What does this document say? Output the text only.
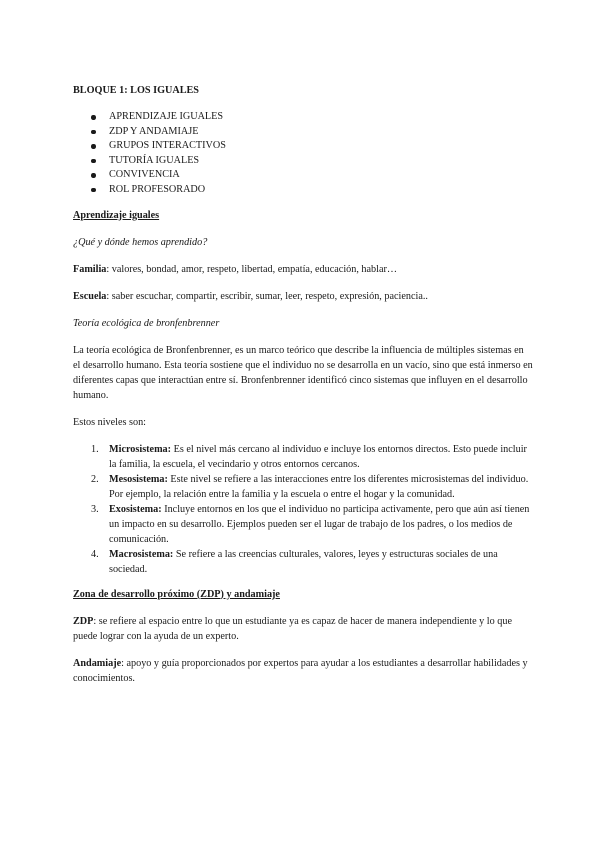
BLOQUE 1: LOS IGUALES
APRENDIZAJE IGUALES
ZDP Y ANDAMIAJE
GRUPOS INTERACTIVOS
TUTORÍA IGUALES
CONVIVENCIA
ROL PROFESORADO
Aprendizaje iguales
¿Qué y dónde hemos aprendido?

Familia: valores, bondad, amor, respeto, libertad, empatía, educación, hablar…

Escuela: saber escuchar, compartir, escribir, sumar, leer, respeto, expresión, paciencia..

Teoría ecológica de bronfenbrenner

La teoría ecológica de Bronfenbrenner, es un marco teórico que describe la influencia de múltiples sistemas en el desarrollo humano. Esta teoría sostiene que el individuo no se desarrolla en un vacío, sino que está inmerso en diferentes capas que interactúan entre sí. Bronfenbrenner identificó cinco sistemas que influyen en el desarrollo humano.

Estos niveles son:

1. Microsistema: Es el nivel más cercano al individuo e incluye los entornos directos. Esto puede incluir la familia, la escuela, el vecindario y otros entornos cercanos.
2. Mesosistema: Este nivel se refiere a las interacciones entre los diferentes microsistemas del individuo. Por ejemplo, la relación entre la familia y la escuela o entre el hogar y la comunidad.
3. Exosistema: Incluye entornos en los que el individuo no participa activamente, pero que aún así tienen un impacto en su desarrollo. Ejemplos pueden ser el lugar de trabajo de los padres, o los medios de comunicación.
4. Macrosistema: Se refiere a las creencias culturales, valores, leyes y estructuras sociales de una sociedad.
Zona de desarrollo próximo (ZDP) y andamiaje

ZDP: se refiere al espacio entre lo que un estudiante ya es capaz de hacer de manera independiente y lo que puede lograr con la ayuda de un experto.

Andamiaje: apoyo y guía proporcionados por expertos para ayudar a los estudiantes a desarrollar habilidades y conocimientos.
